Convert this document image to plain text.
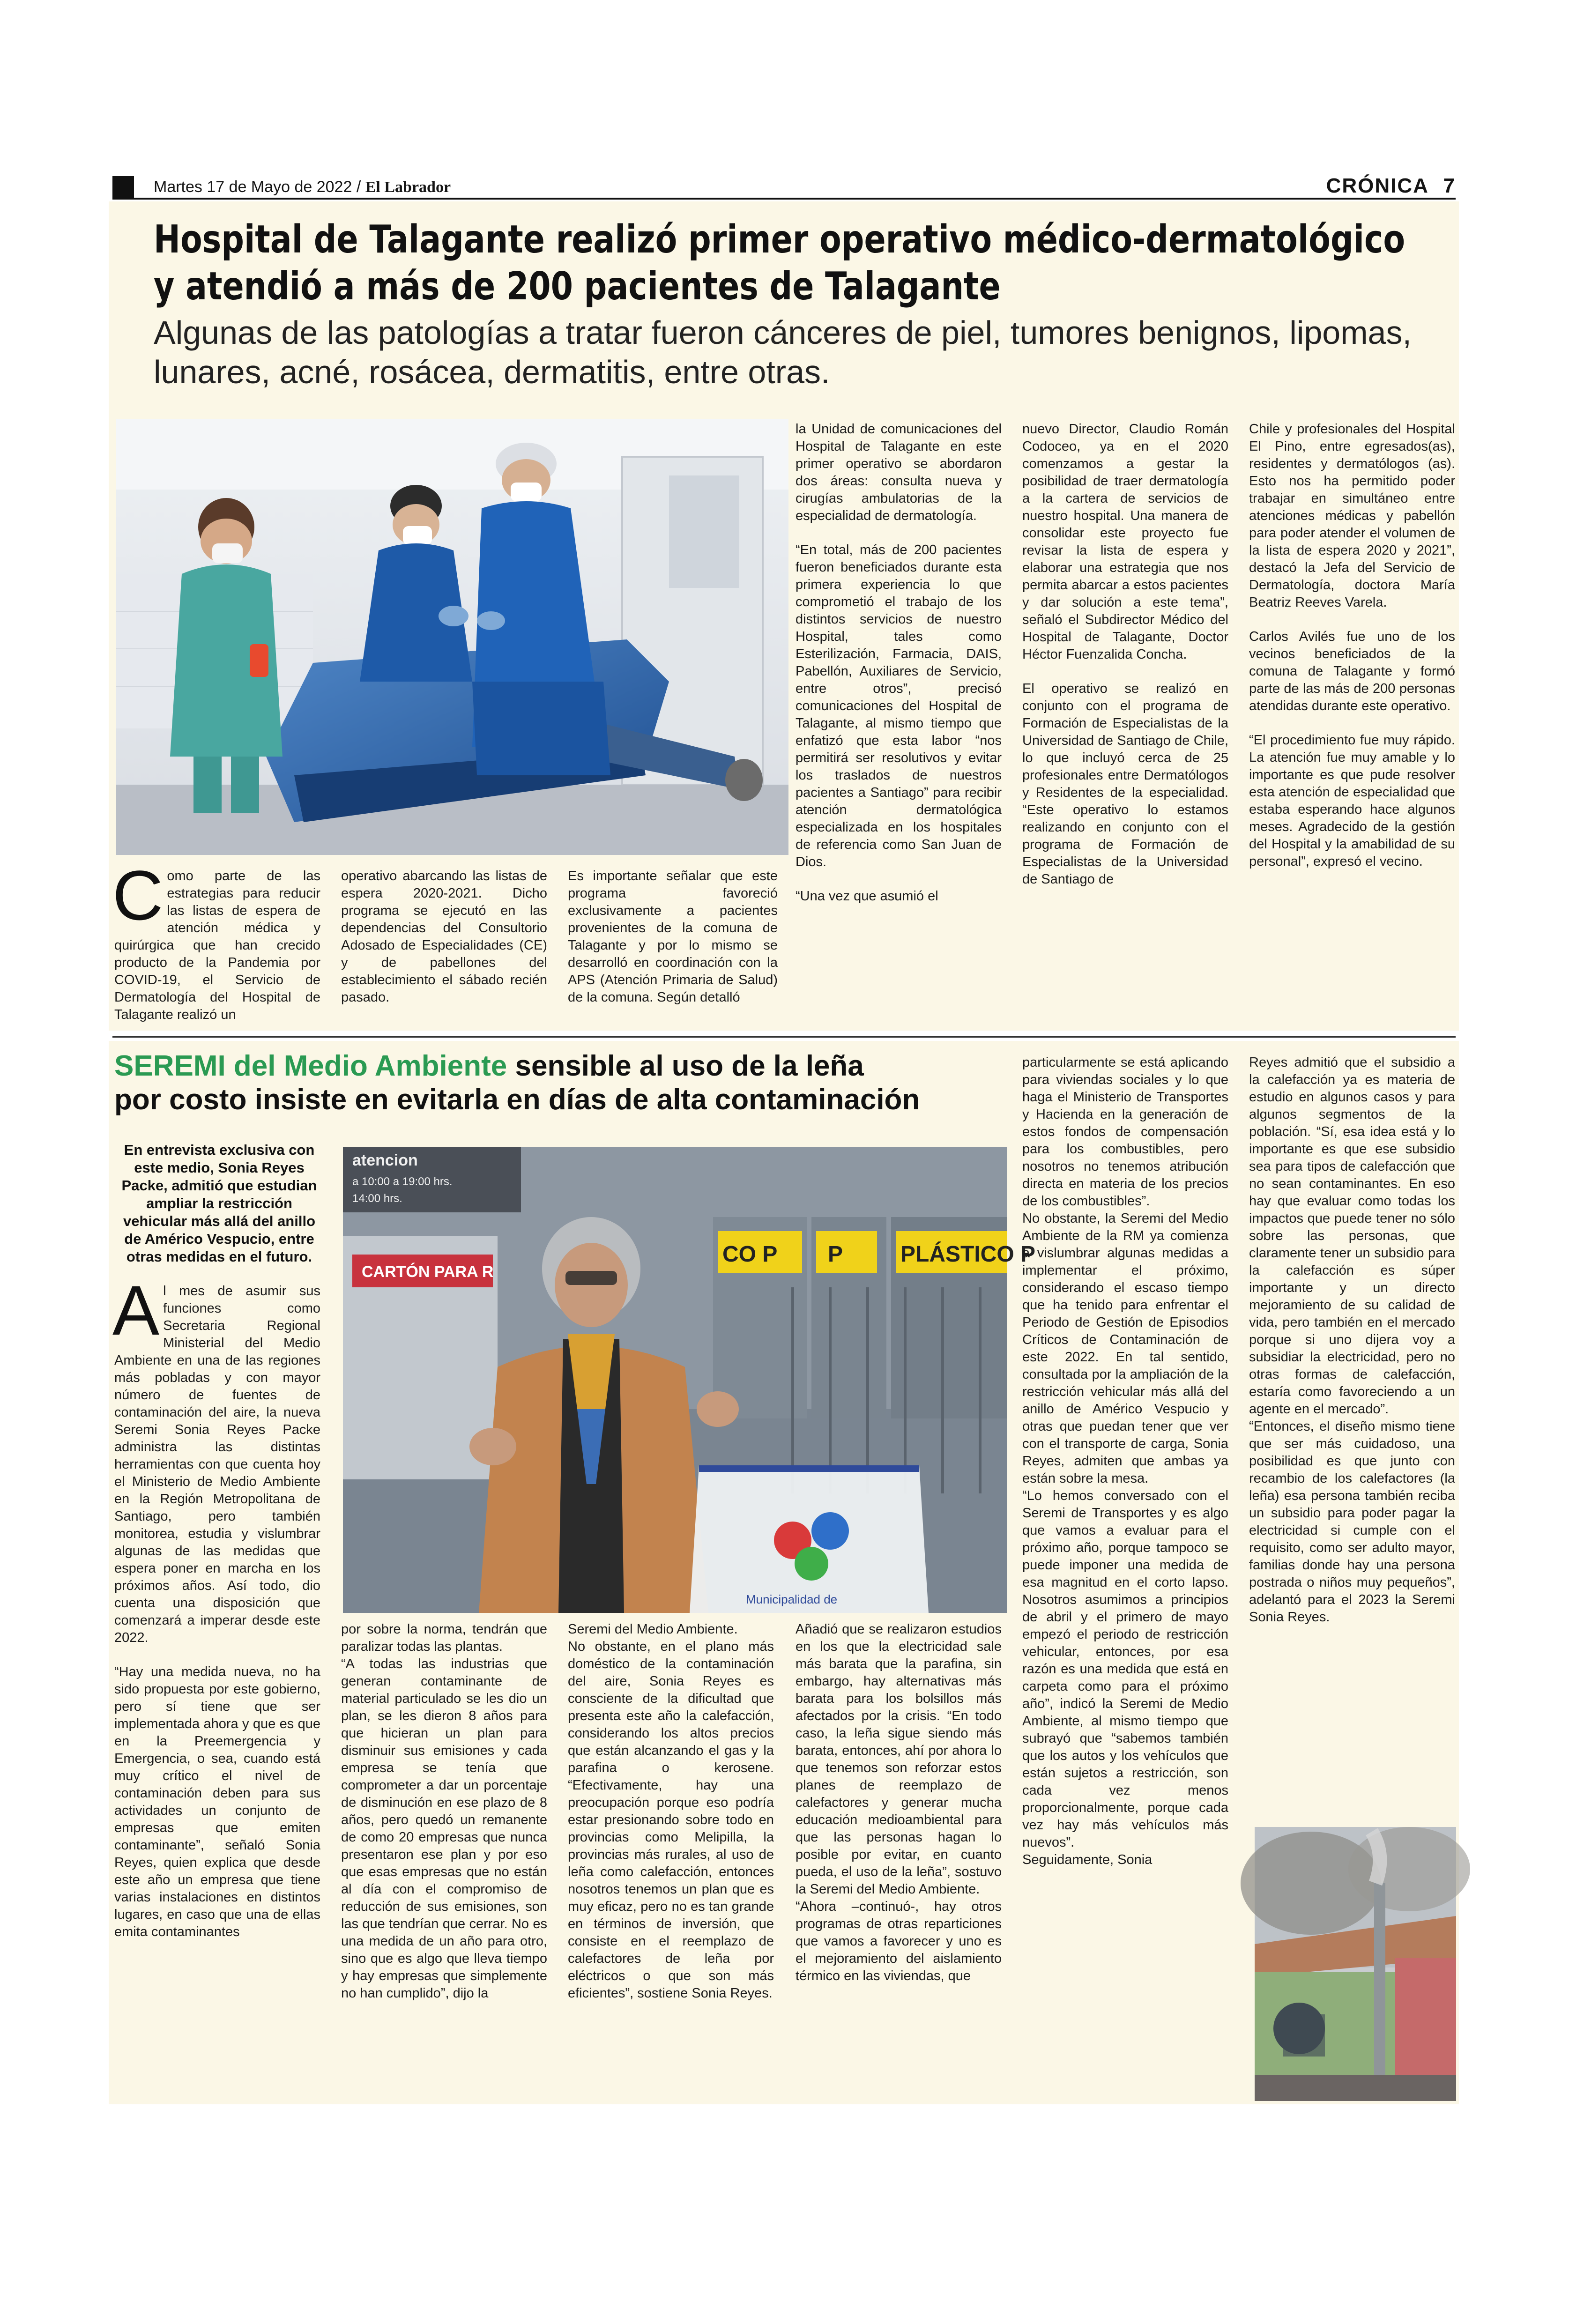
Martes 17 de Mayo de 2022 / El Labrador	CRÓNICA 7
Hospital de Talagante realizó primer operativo médico-dermatológico
y atendió a más de 200 pacientes de Talagante
Algunas de las patologías a tratar fueron cánceres de piel, tumores benignos, lipomas, lunares, acné, rosácea, dermatitis, entre otras.

Como parte de las estrategias para reducir las listas de espera de atención médica y quirúrgica que han crecido producto de la Pandemia por COVID-19, el Servicio de Dermatología del Hospital de Talagante realizó un

operativo abarcando las listas de espera 2020-2021. Dicho programa se ejecutó en las dependencias del Consultorio Adosado de Especialidades (CE) y de pabellones del establecimiento el sábado recién pasado.

Es importante señalar que este programa favoreció exclusivamente a pacientes provenientes de la comuna de Talagante y por lo mismo se desarrolló en coordinación con la APS (Atención Primaria de Salud) de la comuna. Según detalló

la Unidad de comunicaciones del Hospital de Talagante en este primer operativo se abordaron dos áreas: consulta nueva y cirugías ambulatorias de la especialidad de dermatología.

“En total, más de 200 pacientes fueron beneficiados durante esta primera experiencia lo que comprometió el trabajo de los distintos servicios de nuestro Hospital, tales como Esterilización, Farmacia, DAIS, Pabellón, Auxiliares de Servicio, entre otros”, precisó comunicaciones del Hospital de Talagante, al mismo tiempo que enfatizó que esta labor “nos permitirá ser resolutivos y evitar los traslados de nuestros pacientes a Santiago” para recibir atención dermatológica especializada en los hospitales de referencia como San Juan de Dios.

“Una vez que asumió el

nuevo Director, Claudio Román Codoceo, ya en el 2020 comenzamos a gestar la posibilidad de traer dermatología a la cartera de servicios de nuestro hospital. Una manera de consolidar este proyecto fue revisar la lista de espera y elaborar una estrategia que nos permita abarcar a estos pacientes y dar solución a este tema”, señaló el Subdirector Médico del Hospital de Talagante, Doctor Héctor Fuenzalida Concha.

El operativo se realizó en conjunto con el programa de Formación de Especialistas de la Universidad de Santiago de Chile, lo que incluyó cerca de 25 profesionales entre Dermatólogos y Residentes de la especialidad. “Este operativo lo estamos realizando en conjunto con el programa de Formación de Especialistas de la Universidad de Santiago de

Chile y profesionales del Hospital El Pino, entre egresados(as), residentes y dermatólogos (as). Esto nos ha permitido poder trabajar en simultáneo entre atenciones médicas y pabellón para poder atender el volumen de la lista de espera 2020 y 2021”, destacó la Jefa del Servicio de Dermatología, doctora María Beatriz Reeves Varela.

Carlos Avilés fue uno de los vecinos beneficiados de la comuna de Talagante y formó parte de las más de 200 personas atendidas durante este operativo.

“El procedimiento fue muy rápido. La atención fue muy amable y lo importante es que pude resolver esta atención de especialidad que estaba esperando hace algunos meses. Agradecido de la gestión del Hospital y la amabilidad de su personal”, expresó el vecino.

SEREMI del Medio Ambiente sensible al uso de la leña
por costo insiste en evitarla en días de alta contaminación
En entrevista exclusiva con este medio, Sonia Reyes Packe, admitió que estudian ampliar la restricción vehicular más allá del anillo de Américo Vespucio, entre otras medidas en el futuro.
atencion
a 10:00 a 19:00 hrs.
14:00 hrs.
CARTÓN PARA R
CO P P	PLÁSTICO P
Municipalidad de

Al mes de asumir sus funciones como Secretaria Regional Ministerial del Medio Ambiente en una de las regiones más pobladas y con mayor número de fuentes de contaminación del aire, la nueva Seremi Sonia Reyes Packe administra las distintas herramientas con que cuenta hoy el Ministerio de Medio Ambiente en la Región Metropolitana de Santiago, pero también monitorea, estudia y vislumbrar algunas de las medidas que espera poner en marcha en los próximos años. Así todo, dio cuenta una disposición que comenzará a imperar desde este 2022.

“Hay una medida nueva, no ha sido propuesta por este gobierno, pero sí tiene que ser implementada ahora y que es que en la Preemergencia y Emergencia, o sea, cuando está muy crítico el nivel de contaminación deben para sus actividades un conjunto de empresas que emiten contaminante”, señaló Sonia Reyes, quien explica que desde este año un empresa que tiene varias instalaciones en distintos lugares, en caso que una de ellas emita contaminantes

por sobre la norma, tendrán que paralizar todas las plantas.

“A todas las industrias que generan contaminante de material particulado se les dio un plan, se les dieron 8 años para que hicieran un plan para disminuir sus emisiones y cada empresa se tenía que comprometer a dar un porcentaje de disminución en ese plazo de 8 años, pero quedó un remanente de como 20 empresas que nunca presentaron ese plan y por eso que esas empresas que no están al día con el compromiso de reducción de sus emisiones, son las que tendrían que cerrar. No es una medida de un año para otro, sino que es algo que lleva tiempo y hay empresas que simplemente no han cumplido”, dijo la

Seremi del Medio Ambiente.

No obstante, en el plano más doméstico de la contaminación del aire, Sonia Reyes es consciente de la dificultad que presenta este año la calefacción, considerando los altos precios que están alcanzando el gas y la parafina o kerosene. “Efectivamente, hay una preocupación porque eso podría estar presionando sobre todo en provincias como Melipilla, la provincias más rurales, al uso de leña como calefacción, entonces nosotros tenemos un plan que es muy eficaz, pero no es tan grande en términos de inversión, que consiste en el reemplazo de calefactores de leña por eléctricos o que son más eficientes”, sostiene Sonia Reyes.

Añadió que se realizaron estudios en los que la electricidad sale más barata que la parafina, sin embargo, hay alternativas más barata para los bolsillos más afectados por la crisis. “En todo caso, la leña sigue siendo más barata, entonces, ahí por ahora lo que tenemos son reforzar estos planes de reemplazo de calefactores y generar mucha educación medioambiental para que las personas hagan lo posible por evitar, en cuanto pueda, el uso de la leña”, sostuvo la Seremi del Medio Ambiente.

“Ahora –continuó-, hay otros programas de otras reparticiones que vamos a favorecer y uno es el mejoramiento del aislamiento térmico en las viviendas, que

particularmente se está aplicando para viviendas sociales y lo que haga el Ministerio de Transportes y Hacienda en la generación de estos fondos de compensación para los combustibles, pero nosotros no tenemos atribución directa en materia de los precios de los combustibles”.

No obstante, la Seremi del Medio Ambiente de la RM ya comienza a vislumbrar algunas medidas a implementar el próximo, considerando el escaso tiempo que ha tenido para enfrentar el Periodo de Gestión de Episodios Críticos de Contaminación de este 2022. En tal sentido, consultada por la ampliación de la restricción vehicular más allá del anillo de Américo Vespucio y otras que puedan tener que ver con el transporte de carga, Sonia Reyes, admiten que ambas ya están sobre la mesa.

“Lo hemos conversado con el Seremi de Transportes y es algo que vamos a evaluar para el próximo año, porque tampoco se puede imponer una medida de esa magnitud en el corto lapso. Nosotros asumimos a principios de abril y el primero de mayo empezó el periodo de restricción vehicular, entonces, por esa razón es una medida que está en carpeta como para el próximo año”, indicó la Seremi de Medio Ambiente, al mismo tiempo que subrayó que “sabemos también que los autos y los vehículos que están sujetos a restricción, son cada vez menos proporcionalmente, porque cada vez hay más vehículos más nuevos”.

Seguidamente, Sonia

Reyes admitió que el subsidio a la calefacción ya es materia de estudio en algunos casos y para algunos segmentos de la población. “Sí, esa idea está y lo importante es que ese subsidio sea para tipos de calefacción que no sean contaminantes. En eso hay que evaluar como todas los impactos que puede tener no sólo sobre las personas, que claramente tener un subsidio para la calefacción es súper importante y un directo mejoramiento de su calidad de vida, pero también en el mercado porque si uno dijera voy a subsidiar la electricidad, pero no otras formas de calefacción, estaría como favoreciendo a un agente en el mercado”.

“Entonces, el diseño mismo tiene que ser más cuidadoso, una posibilidad es que junto con recambio de los calefactores (la leña) esa persona también reciba un subsidio para poder pagar la electricidad si cumple con el requisito, como ser adulto mayor, familias donde hay una persona postrada o niños muy pequeños”, adelantó para el 2023 la Seremi Sonia Reyes.
